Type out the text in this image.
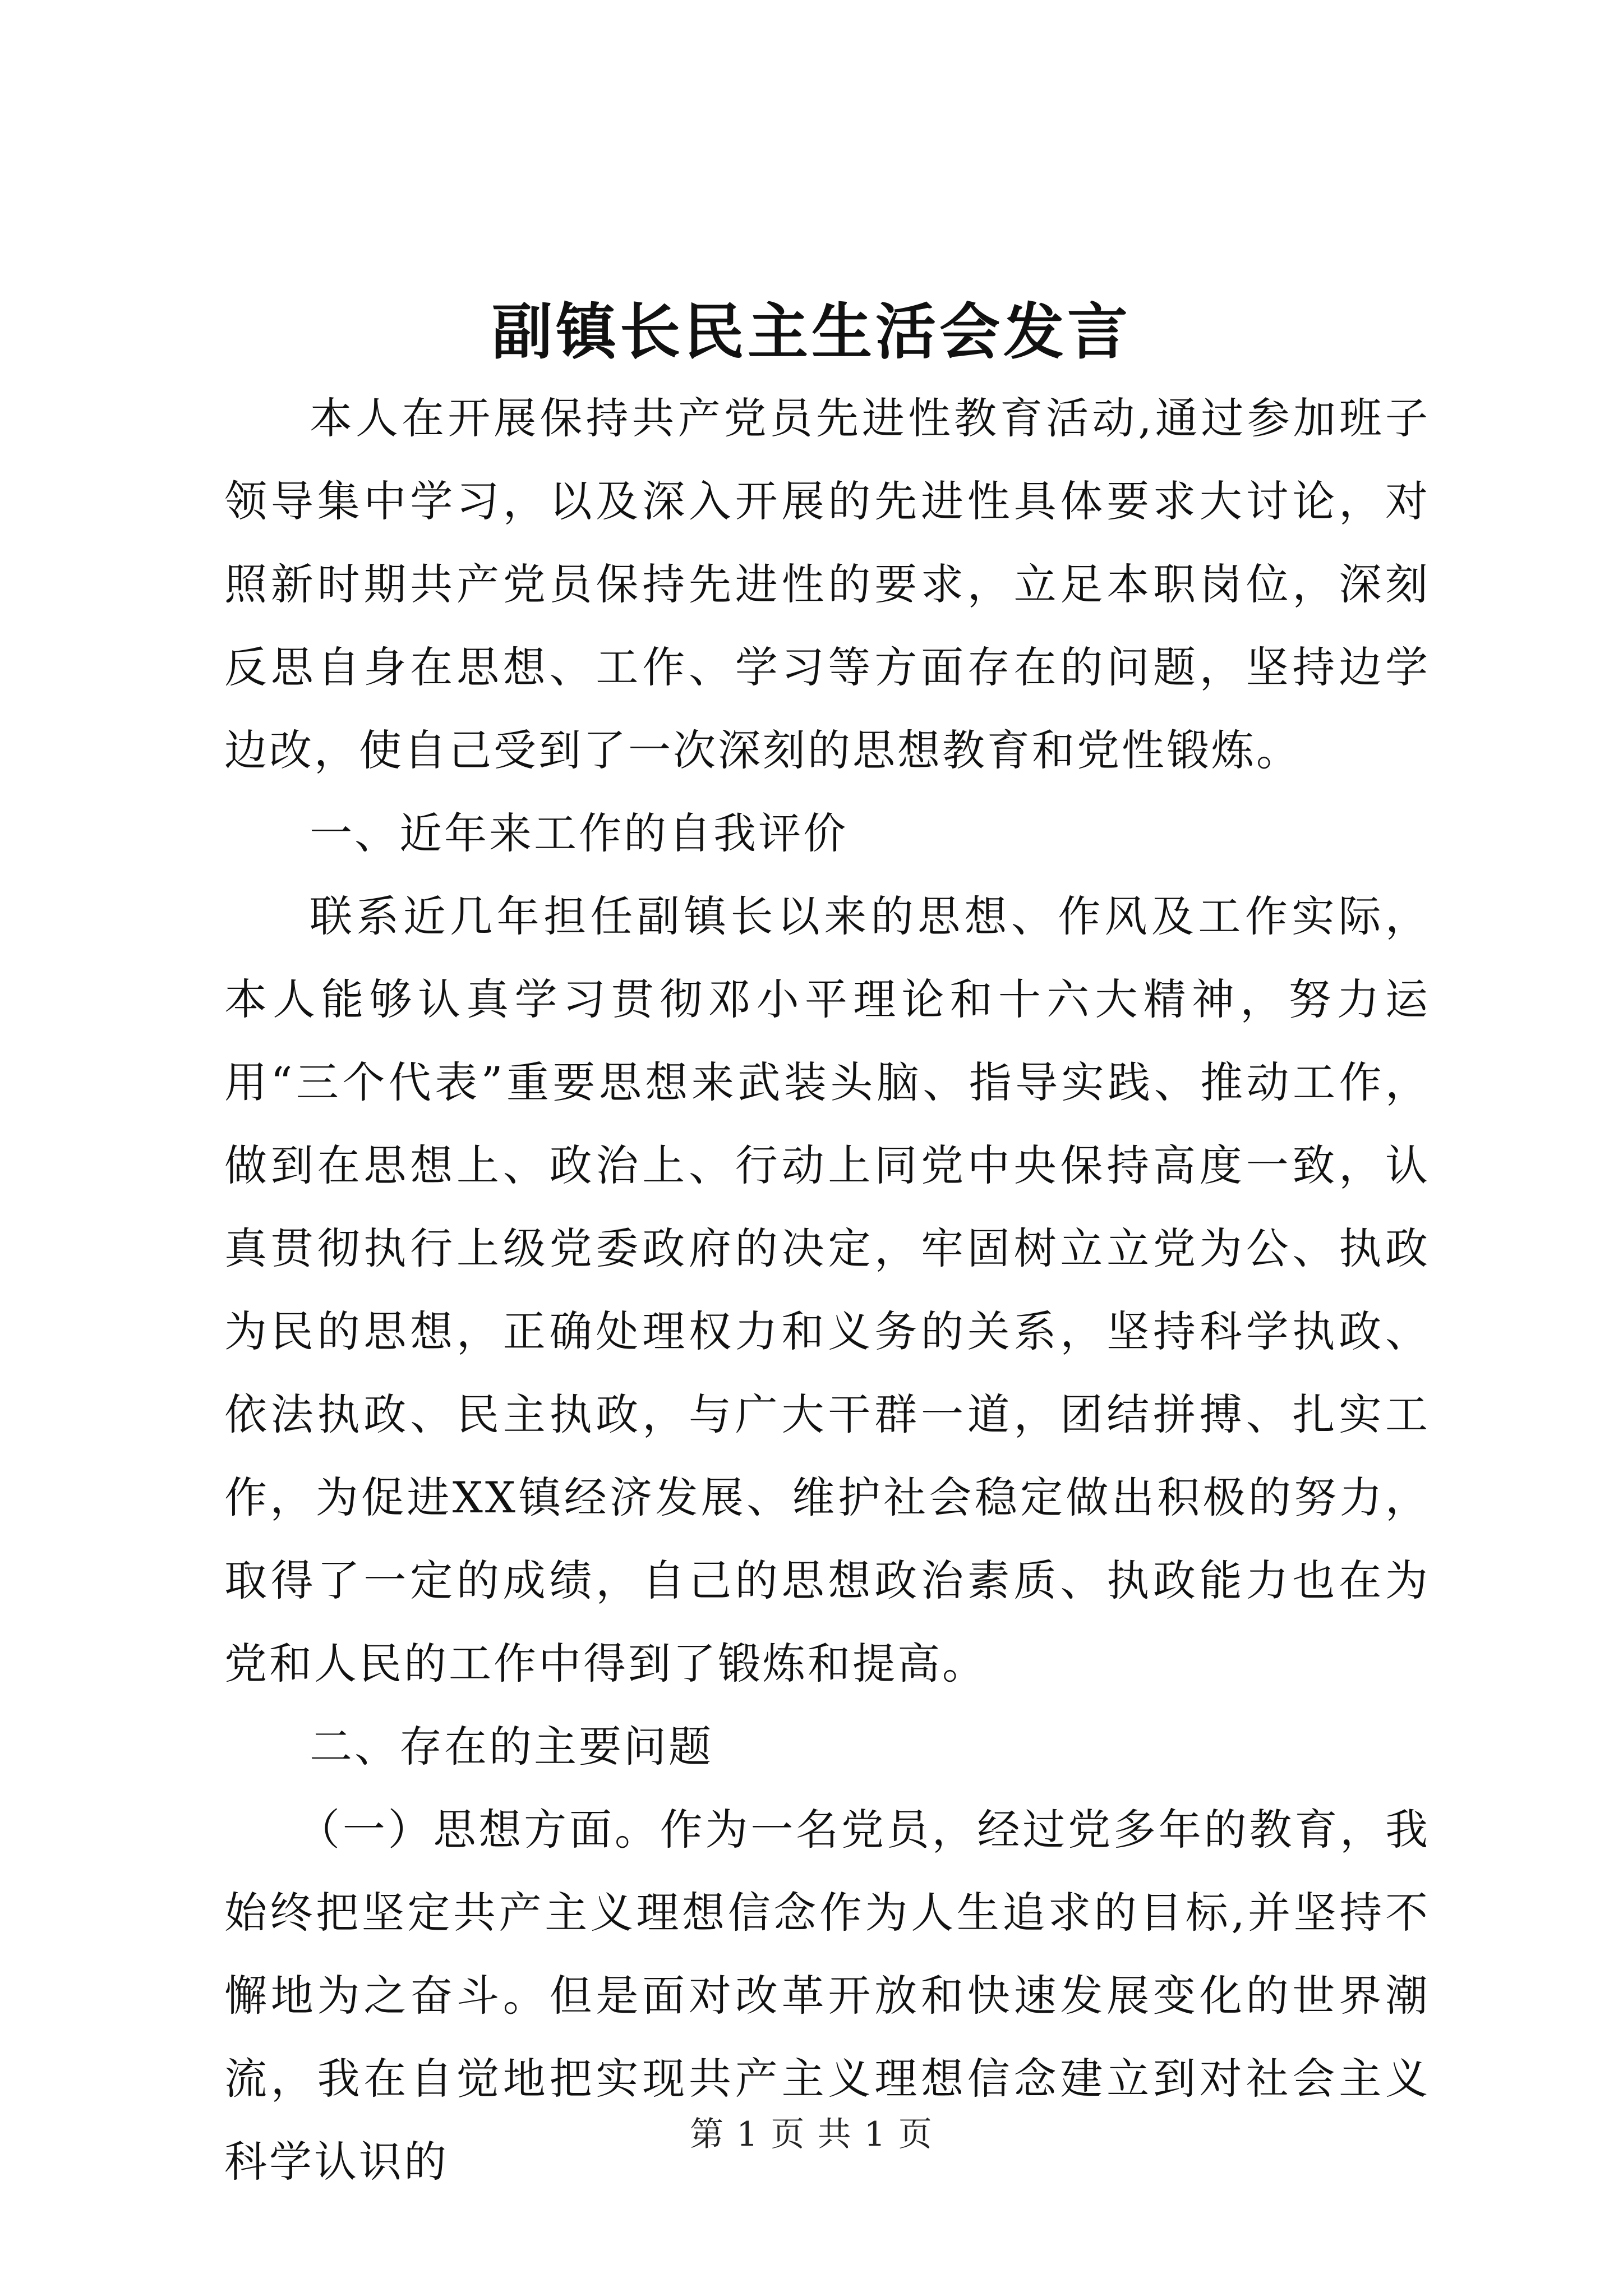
副镇长民主生活会发言

本人在开展保持共产党员先进性教育活动,通过参加班子领导集中学习，以及深入开展的先进性具体要求大讨论，对照新时期共产党员保持先进性的要求，立足本职岗位，深刻反思自身在思想、工作、学习等方面存在的问题，坚持边学边改，使自己受到了一次深刻的思想教育和党性锻炼。

一、近年来工作的自我评价

联系近几年担任副镇长以来的思想、作风及工作实际，本人能够认真学习贯彻邓小平理论和十六大精神，努力运用“三个代表”重要思想来武装头脑、指导实践、推动工作，做到在思想上、政治上、行动上同党中央保持高度一致，认真贯彻执行上级党委政府的决定，牢固树立立党为公、执政为民的思想，正确处理权力和义务的关系，坚持科学执政、依法执政、民主执政，与广大干群一道，团结拼搏、扎实工作，为促进XX镇经济发展、维护社会稳定做出积极的努力，取得了一定的成绩，自己的思想政治素质、执政能力也在为党和人民的工作中得到了锻炼和提高。

二、存在的主要问题

（一）思想方面。作为一名党员，经过党多年的教育，我始终把坚定共产主义理想信念作为人生追求的目标,并坚持不懈地为之奋斗。但是面对改革开放和快速发展变化的世界潮流，我在自觉地把实现共产主义理想信念建立到对社会主义科学认识的

第 1 页 共 1 页
